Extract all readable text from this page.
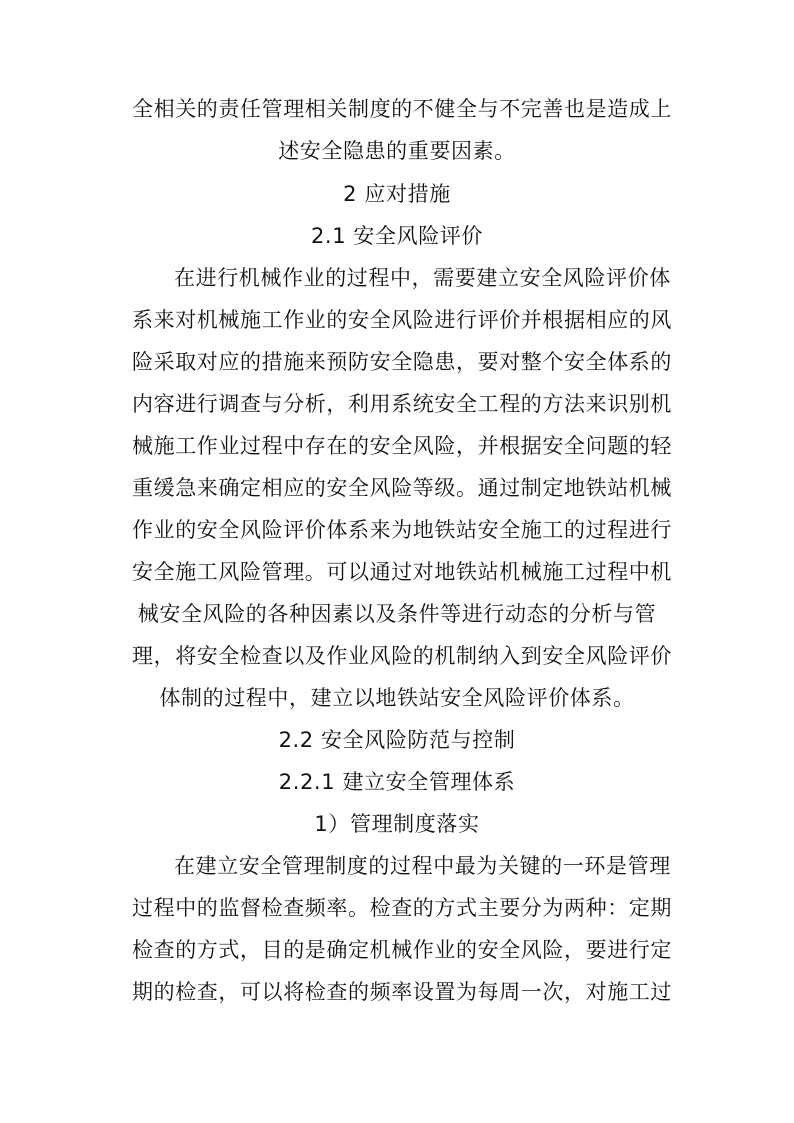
全相关的责任管理相关制度的不健全与不完善也是造成上
述安全隐患的重要因素。
2 应对措施
2.1 安全风险评价
在进行机械作业的过程中，需要建立安全风险评价体
系来对机械施工作业的安全风险进行评价并根据相应的风
险采取对应的措施来预防安全隐患，要对整个安全体系的
内容进行调查与分析，利用系统安全工程的方法来识别机
械施工作业过程中存在的安全风险，并根据安全问题的轻
重缓急来确定相应的安全风险等级。通过制定地铁站机械
作业的安全风险评价体系来为地铁站安全施工的过程进行
安全施工风险管理。可以通过对地铁站机械施工过程中机
械安全风险的各种因素以及条件等进行动态的分析与管
理，将安全检查以及作业风险的机制纳入到安全风险评价
体制的过程中，建立以地铁站安全风险评价体系。
2.2 安全风险防范与控制
2.2.1 建立安全管理体系
1）管理制度落实
在建立安全管理制度的过程中最为关键的一环是管理
过程中的监督检查频率。检查的方式主要分为两种：定期
检查的方式，目的是确定机械作业的安全风险，要进行定
期的检查，可以将检查的频率设置为每周一次，对施工过
